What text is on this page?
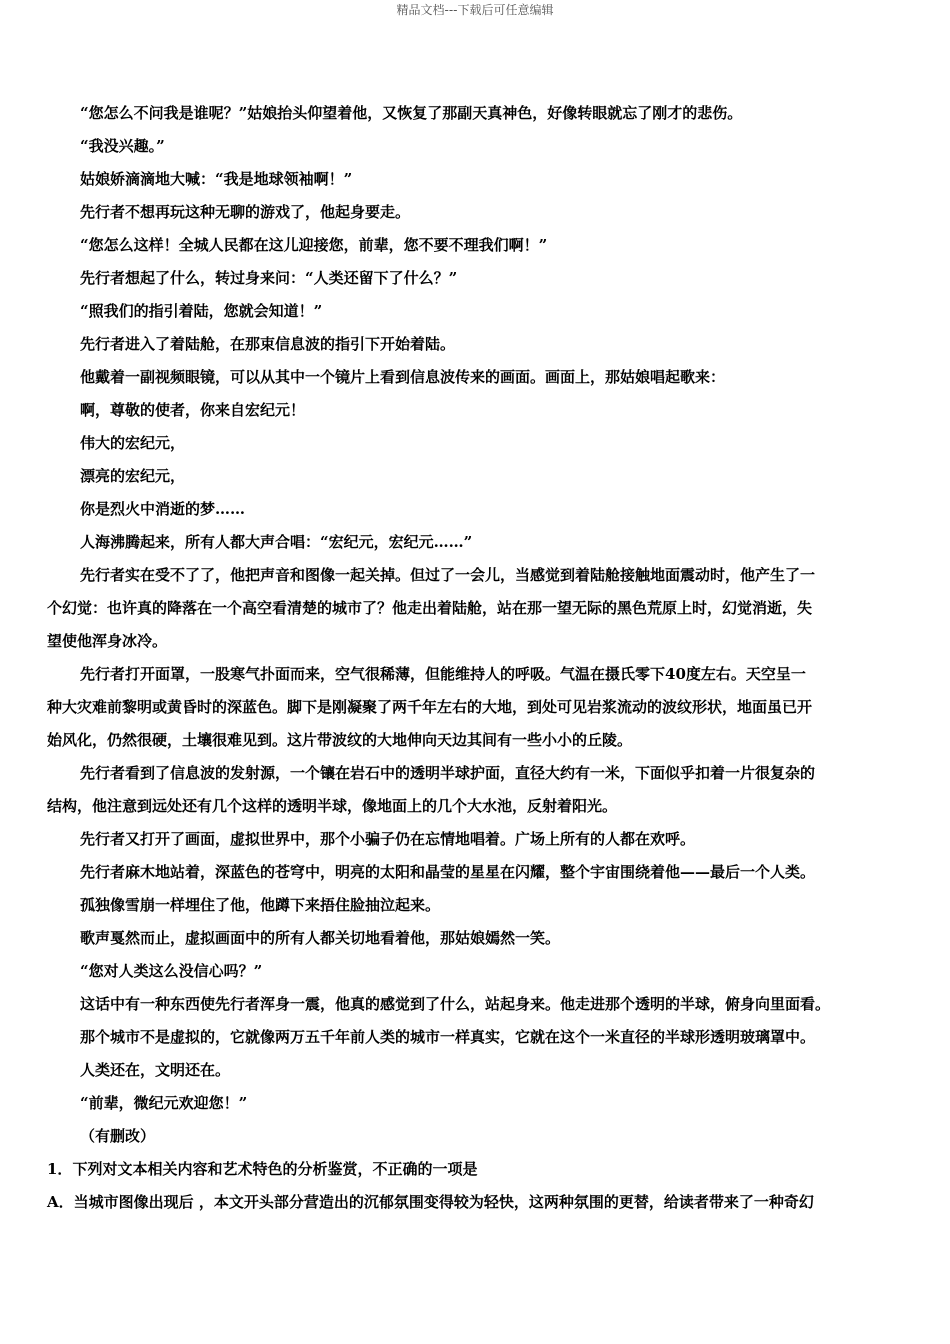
精品文档---下载后可任意编辑

“您怎么不问我是谁呢？”姑娘抬头仰望着他，又恢复了那副天真神色，好像转眼就忘了刚才的悲伤。

“我没兴趣。”

姑娘娇滴滴地大喊：“我是地球领袖啊！”

先行者不想再玩这种无聊的游戏了，他起身要走。

“您怎么这样！全城人民都在这儿迎接您，前辈，您不要不理我们啊！”

先行者想起了什么，转过身来问：“人类还留下了什么？”

“照我们的指引着陆，您就会知道！”

先行者进入了着陆舱，在那束信息波的指引下开始着陆。

他戴着一副视频眼镜，可以从其中一个镜片上看到信息波传来的画面。画面上，那姑娘唱起歌来：

啊，尊敬的使者，你来自宏纪元！

伟大的宏纪元，

漂亮的宏纪元，

你是烈火中消逝的梦……

人海沸腾起来，所有人都大声合唱：“宏纪元，宏纪元……”

先行者实在受不了了，他把声音和图像一起关掉。但过了一会儿，当感觉到着陆舱接触地面震动时，他产生了一
个幻觉：也许真的降落在一个高空看清楚的城市了？他走出着陆舱，站在那一望无际的黑色荒原上时，幻觉消逝，失
望使他浑身冰冷。
先行者打开面罩，一股寒气扑面而来，空气很稀薄，但能维持人的呼吸。气温在摄氏零下40度左右。天空呈一
种大灾难前黎明或黄昏时的深蓝色。脚下是刚凝聚了两千年左右的大地，到处可见岩浆流动的波纹形状，地面虽已开
始风化，仍然很硬，土壤很难见到。这片带波纹的大地伸向天边其间有一些小小的丘陵。
先行者看到了信息波的发射源，一个镶在岩石中的透明半球护面，直径大约有一米，下面似乎扣着一片很复杂的
结构，他注意到远处还有几个这样的透明半球，像地面上的几个大水池，反射着阳光。

先行者又打开了画面，虚拟世界中，那个小骗子仍在忘情地唱着。广场上所有的人都在欢呼。

先行者麻木地站着，深蓝色的苍穹中，明亮的太阳和晶莹的星星在闪耀，整个宇宙围绕着他——最后一个人类。

孤独像雪崩一样埋住了他，他蹲下来捂住脸抽泣起来。

歌声戛然而止，虚拟画面中的所有人都关切地看着他，那姑娘嫣然一笑。

“您对人类这么没信心吗？”

这话中有一种东西使先行者浑身一震，他真的感觉到了什么，站起身来。他走进那个透明的半球，俯身向里面看。

那个城市不是虚拟的，它就像两万五千年前人类的城市一样真实，它就在这个一米直径的半球形透明玻璃罩中。

人类还在，文明还在。

“前辈，微纪元欢迎您！”

（有删改）

1．下列对文本相关内容和艺术特色的分析鉴赏，不正确的一项是

A．当城市图像出现后 ，本文开头部分营造出的沉郁氛围变得较为轻快，这两种氛围的更替，给读者带来了一种奇幻
